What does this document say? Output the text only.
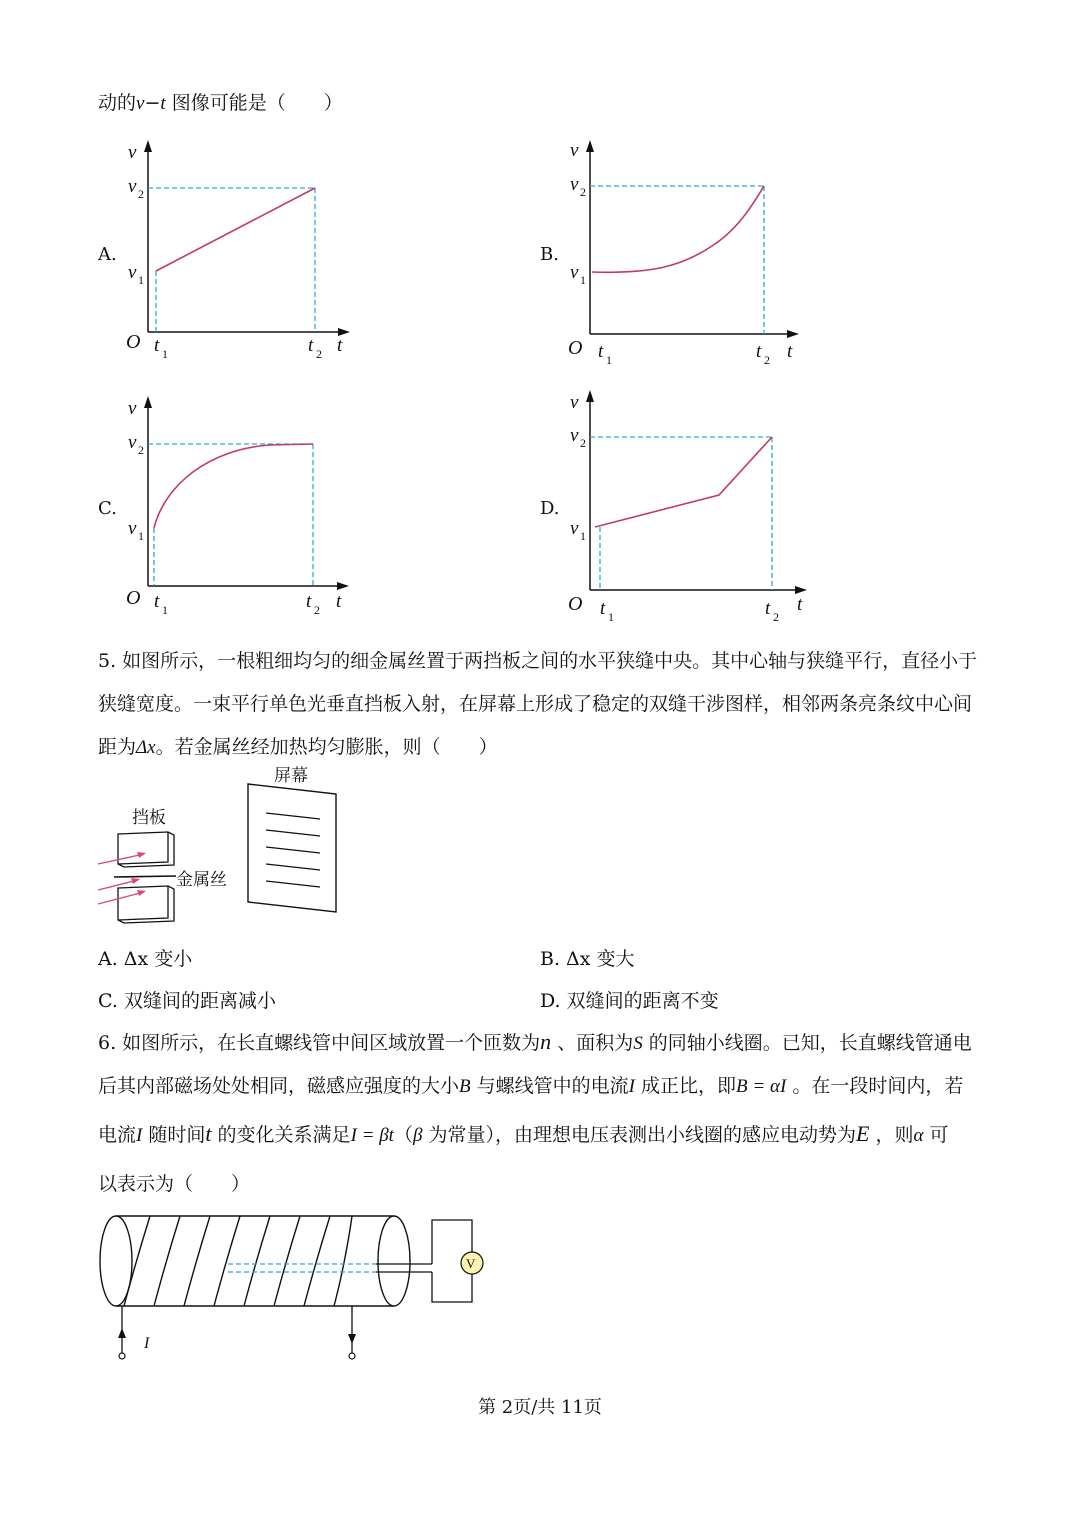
动的v−t 图像可能是（　　）
A.
v
v 2
v 1
O t 1	t 2 t
B.
v
v 2
v 1
O t 1	t 2 t
C.
v
v 2
v 1
O t 1	t 2 t
D.
v
v 2
v 1
O t 1	t 2
t
5. 如图所示，一根粗细均匀的细金属丝置于两挡板之间的水平狭缝中央。其中心轴与狭缝平行，直径小于
狭缝宽度。一束平行单色光垂直挡板入射，在屏幕上形成了稳定的双缝干涉图样，相邻两条亮条纹中心间
距为Δx。若金属丝经加热均匀膨胀，则（　　）
屏幕
挡板
金属丝
A. Δx 变小	B. Δx 变大
C. 双缝间的距离减小	D. 双缝间的距离不变
6. 如图所示，在长直螺线管中间区域放置一个匝数为n 、面积为S 的同轴小线圈。已知，长直螺线管通电
后其内部磁场处处相同，磁感应强度的大小B 与螺线管中的电流I 成正比，即B = αI 。在一段时间内，若
电流I 随时间t 的变化关系满足I = βt（β 为常量），由理想电压表测出小线圈的感应电动势为E ，则α 可
以表示为（　　）
V
I
第 2页/共 11页
